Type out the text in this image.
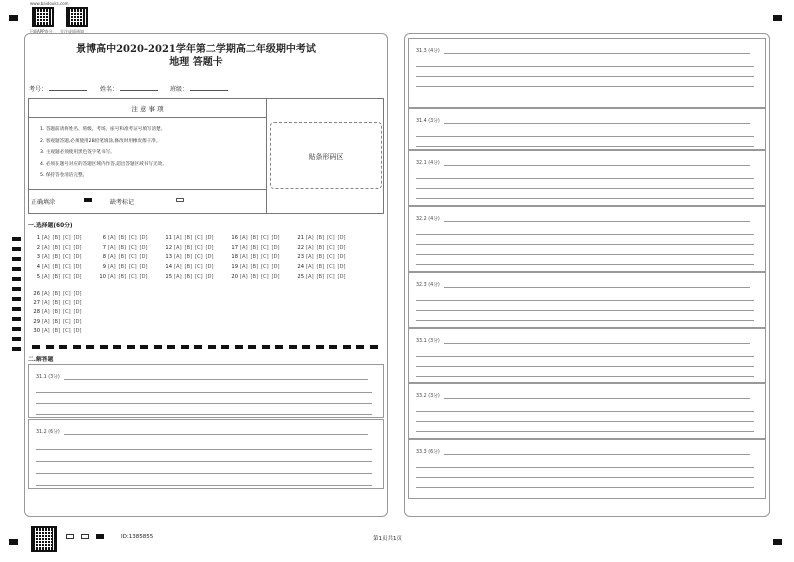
www.baidouks.com
下载APP查分 关注成绩通知
景博高中2020-2021学年第二学期高二年级期中考试
地理 答题卡
考号：	姓名：	班级：
注 意 事 项
1. 答题前请将姓名、班级、考场、座号和准考证号填写清楚。
2. 客观题答题,必须使用2B铅笔填涂,修改时用橡皮擦干净。
3. 主观题必须使用黑色签字笔书写。
4. 必须在题号对应的答题区域内作答,超出答题区域书写无效。
5. 保持答卷清洁完整。
贴条形码区
正确填涂	缺考标记
一.选择题(60分)
1 [A] [B] [C] [D]	6 [A] [B] [C] [D]	11 [A] [B] [C] [D]	16 [A] [B] [C] [D]	21 [A] [B] [C] [D]
2 [A] [B] [C] [D]	7 [A] [B] [C] [D]	12 [A] [B] [C] [D]	17 [A] [B] [C] [D]	22 [A] [B] [C] [D]
3 [A] [B] [C] [D]	8 [A] [B] [C] [D]	13 [A] [B] [C] [D]	18 [A] [B] [C] [D]	23 [A] [B] [C] [D]
4 [A] [B] [C] [D]	9 [A] [B] [C] [D]	14 [A] [B] [C] [D]	19 [A] [B] [C] [D]	24 [A] [B] [C] [D]
5 [A] [B] [C] [D]	10 [A] [B] [C] [D]	15 [A] [B] [C] [D]	20 [A] [B] [C] [D]	25 [A] [B] [C] [D]
26 [A] [B] [C] [D]
27 [A] [B] [C] [D]
28 [A] [B] [C] [D]
29 [A] [B] [C] [D]
30 [A] [B] [C] [D]
二.解答题
31.1 (3分)
31.2 (6分)
31.3 (4分)
31.4 (3分)
32.1 (4分)
32.2 (4分)
32.3 (4分)
33.1 (3分)
33.2 (3分)
33.3 (6分)
ID:1385855	第1页共1页
